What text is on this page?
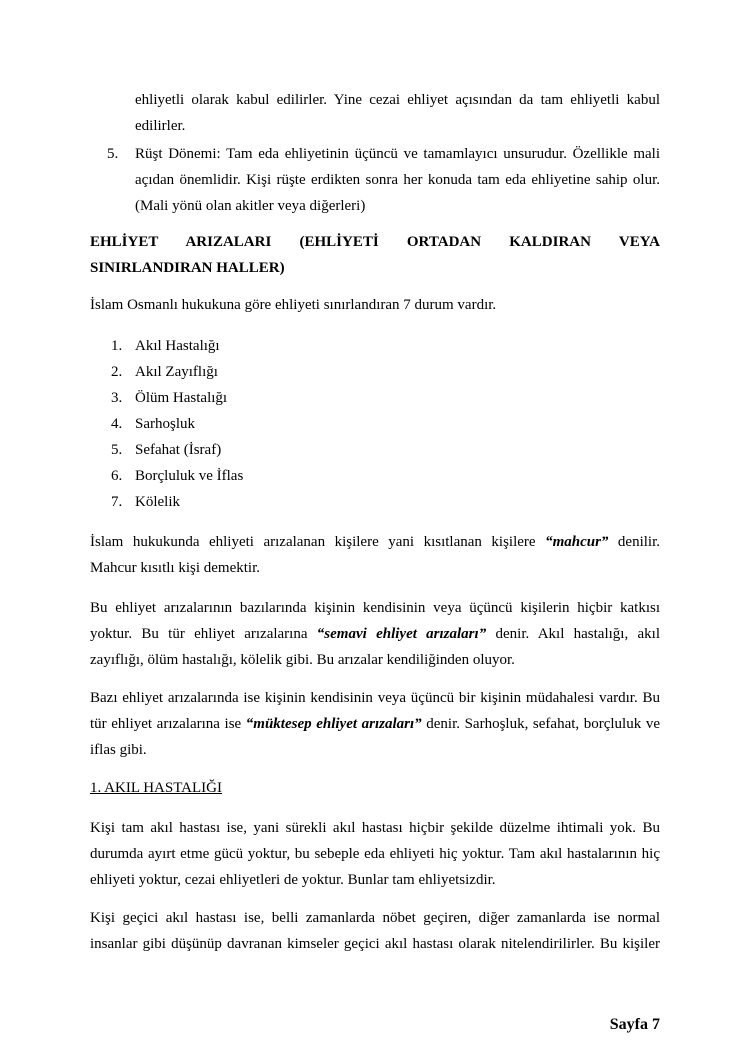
ehliyetli olarak kabul edilirler. Yine cezai ehliyet açısından da tam ehliyetli kabul
edilirler.
5. Rüşt Dönemi: Tam eda ehliyetinin üçüncü ve tamamlayıcı unsurudur. Özellikle mali
açıdan önemlidir. Kişi rüşte erdikten sonra her konuda tam eda ehliyetine sahip olur.
(Mali yönü olan akitler veya diğerleri)
EHLİYET ARIZALARI (EHLİYETİ ORTADAN KALDIRAN VEYA
SINIRLANDIRAN HALLER)
İslam Osmanlı hukukuna göre ehliyeti sınırlandıran 7 durum vardır.
1. Akıl Hastalığı
2. Akıl Zayıflığı
3. Ölüm Hastalığı
4. Sarhoşluk
5. Sefahat (İsraf)
6. Borçluluk ve İflas
7. Kölelik
İslam hukukunda ehliyeti arızalanan kişilere yani kısıtlanan kişilere “mahcur” denilir.
Mahcur kısıtlı kişi demektir.
Bu ehliyet arızalarının bazılarında kişinin kendisinin veya üçüncü kişilerin hiçbir katkısı
yoktur. Bu tür ehliyet arızalarına “semavi ehliyet arızaları” denir. Akıl hastalığı, akıl
zayıflığı, ölüm hastalığı, kölelik gibi. Bu arızalar kendiliğinden oluyor.
Bazı ehliyet arızalarında ise kişinin kendisinin veya üçüncü bir kişinin müdahalesi vardır. Bu
tür ehliyet arızalarına ise “müktesep ehliyet arızaları” denir. Sarhoşluk, sefahat, borçluluk ve
iflas gibi.
1. AKIL HASTALIĞI
Kişi tam akıl hastası ise, yani sürekli akıl hastası hiçbir şekilde düzelme ihtimali yok. Bu
durumda ayırt etme gücü yoktur, bu sebeple eda ehliyeti hiç yoktur. Tam akıl hastalarının hiç
ehliyeti yoktur, cezai ehliyetleri de yoktur. Bunlar tam ehliyetsizdir.
Kişi geçici akıl hastası ise, belli zamanlarda nöbet geçiren, diğer zamanlarda ise normal
insanlar gibi düşünüp davranan kimseler geçici akıl hastası olarak nitelendirilirler. Bu kişiler
Sayfa 7
